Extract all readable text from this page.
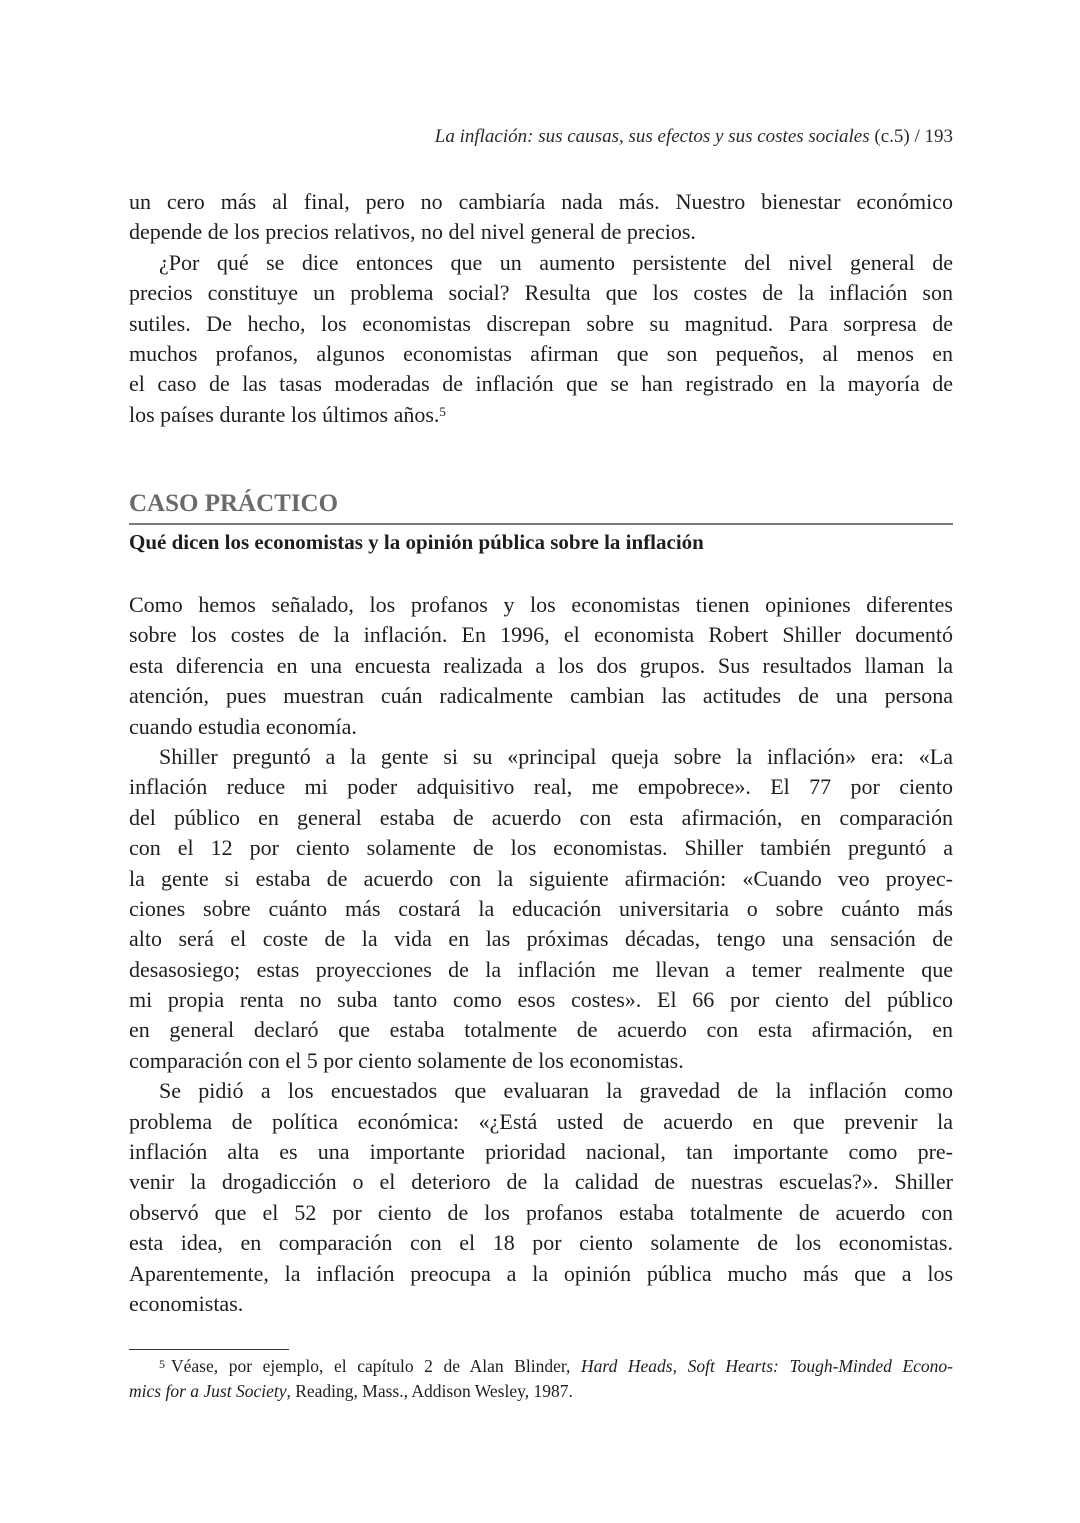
La inflación: sus causas, sus efectos y sus costes sociales (c.5) / 193
un cero más al final, pero no cambiaría nada más. Nuestro bienestar económico
depende de los precios relativos, no del nivel general de precios.
¿Por qué se dice entonces que un aumento persistente del nivel general de
precios constituye un problema social? Resulta que los costes de la inflación son
sutiles. De hecho, los economistas discrepan sobre su magnitud. Para sorpresa de
muchos profanos, algunos economistas afirman que son pequeños, al menos en
el caso de las tasas moderadas de inflación que se han registrado en la mayoría de
los países durante los últimos años.$^5$
CASO PRÁCTICO
Qué dicen los economistas y la opinión pública sobre la inflación
Como hemos señalado, los profanos y los economistas tienen opiniones diferentes
sobre los costes de la inflación. En 1996, el economista Robert Shiller documentó
esta diferencia en una encuesta realizada a los dos grupos. Sus resultados llaman la
atención, pues muestran cuán radicalmente cambian las actitudes de una persona
cuando estudia economía.
Shiller preguntó a la gente si su «principal queja sobre la inflación» era: «La
inflación reduce mi poder adquisitivo real, me empobrece». El 77 por ciento
del público en general estaba de acuerdo con esta afirmación, en comparación
con el 12 por ciento solamente de los economistas. Shiller también preguntó a
la gente si estaba de acuerdo con la siguiente afirmación: «Cuando veo proyec-
ciones sobre cuánto más costará la educación universitaria o sobre cuánto más
alto será el coste de la vida en las próximas décadas, tengo una sensación de
desasosiego; estas proyecciones de la inflación me llevan a temer realmente que
mi propia renta no suba tanto como esos costes». El 66 por ciento del público
en general declaró que estaba totalmente de acuerdo con esta afirmación, en
comparación con el 5 por ciento solamente de los economistas.
Se pidió a los encuestados que evaluaran la gravedad de la inflación como
problema de política económica: «¿Está usted de acuerdo en que prevenir la
inflación alta es una importante prioridad nacional, tan importante como pre-
venir la drogadicción o el deterioro de la calidad de nuestras escuelas?». Shiller
observó que el 52 por ciento de los profanos estaba totalmente de acuerdo con
esta idea, en comparación con el 18 por ciento solamente de los economistas.
Aparentemente, la inflación preocupa a la opinión pública mucho más que a los
economistas.
$^5$ Véase, por ejemplo, el capítulo 2 de Alan Blinder, Hard Heads, Soft Hearts: Tough-Minded Econo-
mics for a Just Society, Reading, Mass., Addison Wesley, 1987.
